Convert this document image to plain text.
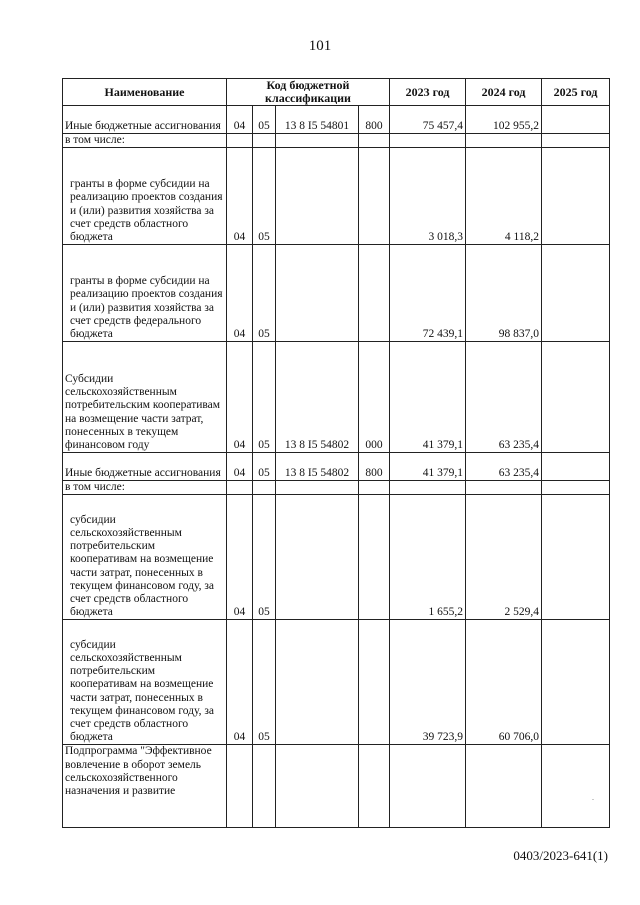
101
Наименование	Код бюджетной классификации				2023 год	2024 год	2025 год
Иные бюджетные ассигнования	04	05	13 8 I5 54801	800	75 457,4	102 955,2	
в том числе:							
гранты в форме субсидии на реализацию проектов создания и (или) развития хозяйства за счет средств областного бюджета	04	05			3 018,3	4 118,2	
гранты в форме субсидии на реализацию проектов создания и (или) развития хозяйства за счет средств федерального бюджета	04	05			72 439,1	98 837,0	
Субсидии сельскохозяйственным потребительским кооперативам на возмещение части затрат, понесенных в текущем финансовом году	04	05	13 8 I5 54802	000	41 379,1	63 235,4	
Иные бюджетные ассигнования	04	05	13 8 I5 54802	800	41 379,1	63 235,4	
в том числе:							
субсидии сельскохозяйственным потребительским кооперативам на возмещение части затрат, понесенных в текущем финансовом году, за счет средств областного бюджета	04	05			1 655,2	2 529,4	
субсидии сельскохозяйственным потребительским кооперативам на возмещение части затрат, понесенных в текущем финансовом году, за счет средств областного бюджета	04	05			39 723,9	60 706,0	
Подпрограмма "Эффективное вовлечение в оборот земель сельскохозяйственного назначения и развитие							
.
0403/2023-641(1)
